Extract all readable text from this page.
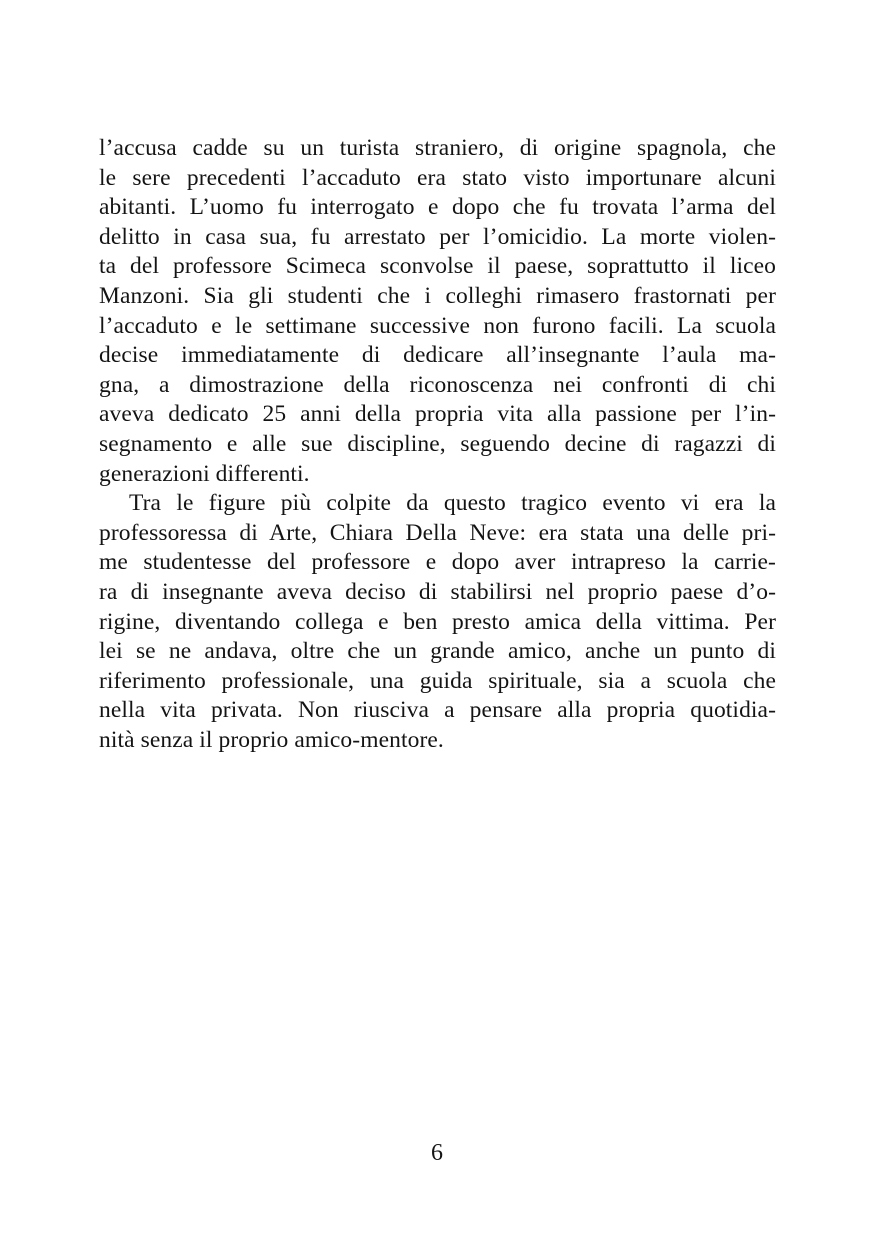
l’accusa cadde su un turista straniero, di origine spagnola, che
le sere precedenti l’accaduto era stato visto importunare alcuni
abitanti. L’uomo fu interrogato e dopo che fu trovata l’arma del
delitto in casa sua, fu arrestato per l’omicidio. La morte violen-
ta del professore Scimeca sconvolse il paese, soprattutto il liceo
Manzoni. Sia gli studenti che i colleghi rimasero frastornati per
l’accaduto e le settimane successive non furono facili. La scuola
decise immediatamente di dedicare all’insegnante l’aula ma-
gna, a dimostrazione della riconoscenza nei confronti di chi
aveva dedicato 25 anni della propria vita alla passione per l’in-
segnamento e alle sue discipline, seguendo decine di ragazzi di
generazioni differenti.
Tra le figure più colpite da questo tragico evento vi era la
professoressa di Arte, Chiara Della Neve: era stata una delle pri-
me studentesse del professore e dopo aver intrapreso la carrie-
ra di insegnante aveva deciso di stabilirsi nel proprio paese d’o-
rigine, diventando collega e ben presto amica della vittima. Per
lei se ne andava, oltre che un grande amico, anche un punto di
riferimento professionale, una guida spirituale, sia a scuola che
nella vita privata. Non riusciva a pensare alla propria quotidia-
nità senza il proprio amico-mentore.
6
